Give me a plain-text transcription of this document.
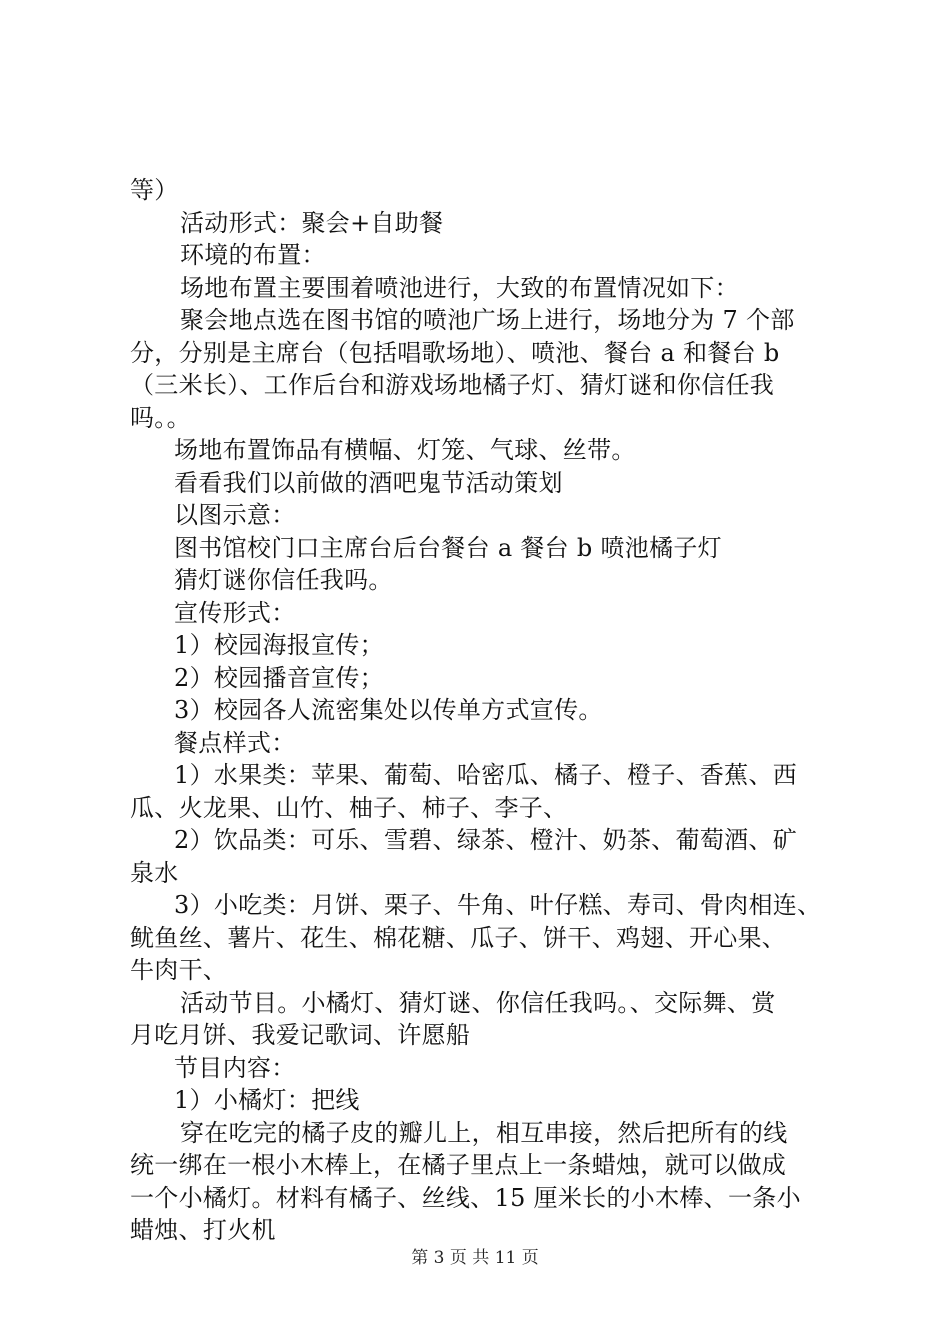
等）
活动形式：聚会+自助餐
环境的布置：
场地布置主要围着喷池进行，大致的布置情况如下：
聚会地点选在图书馆的喷池广场上进行，场地分为 7 个部
分，分别是主席台（包括唱歌场地）、喷池、餐台 a 和餐台 b
（三米长）、工作后台和游戏场地橘子灯、猜灯谜和你信任我
吗。。
场地布置饰品有横幅、灯笼、气球、丝带。
看看我们以前做的酒吧鬼节活动策划
以图示意：
图书馆校门口主席台后台餐台 a 餐台 b 喷池橘子灯
猜灯谜你信任我吗。
宣传形式：
1）校园海报宣传；
2）校园播音宣传；
3）校园各人流密集处以传单方式宣传。
餐点样式：
1）水果类：苹果、葡萄、哈密瓜、橘子、橙子、香蕉、西
瓜、火龙果、山竹、柚子、柿子、李子、
2）饮品类：可乐、雪碧、绿茶、橙汁、奶茶、葡萄酒、矿
泉水
3）小吃类：月饼、栗子、牛角、叶仔糕、寿司、骨肉相连、
鱿鱼丝、薯片、花生、棉花糖、瓜子、饼干、鸡翅、开心果、
牛肉干、
活动节目。小橘灯、猜灯谜、你信任我吗。、交际舞、赏
月吃月饼、我爱记歌词、许愿船
节目内容：
1）小橘灯：把线
穿在吃完的橘子皮的瓣儿上，相互串接，然后把所有的线
统一绑在一根小木棒上，在橘子里点上一条蜡烛，就可以做成
一个小橘灯。材料有橘子、丝线、15 厘米长的小木棒、一条小
蜡烛、打火机
第 3 页 共 11 页
